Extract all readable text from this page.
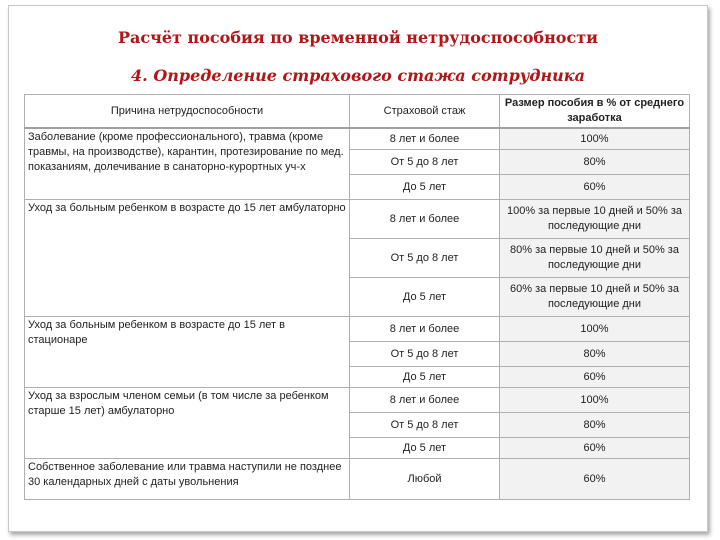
Расчёт пособия по временной нетрудоспособности
4. Определение страхового стажа сотрудника
Причина нетрудоспособности	Страховой стаж	Размер пособия в % от среднего заработка
Заболевание (кроме профессионального), травма (кроме травмы, на производстве), карантин, протезирование по мед. показаниям, долечивание в санаторно-курортных уч-х	8 лет и более	100%
	От 5 до 8 лет	80%
	До 5 лет	60%
Уход за больным ребенком в возрасте до 15 лет амбулаторно	8 лет и более	100% за первые 10 дней и 50% за последующие дни
	От 5 до 8 лет	80% за первые 10 дней и 50% за последующие дни
	До 5 лет	60% за первые 10 дней и 50% за последующие дни
Уход за больным ребенком в возрасте до 15 лет в стационаре	8 лет и более	100%
	От 5 до 8 лет	80%
	До 5 лет	60%
Уход за взрослым членом семьи (в том числе за ребенком старше 15 лет) амбулаторно	8 лет и более	100%
	От 5 до 8 лет	80%
	До 5 лет	60%
Собственное заболевание или травма наступили не позднее 30 календарных дней с даты увольнения	Любой	60%
